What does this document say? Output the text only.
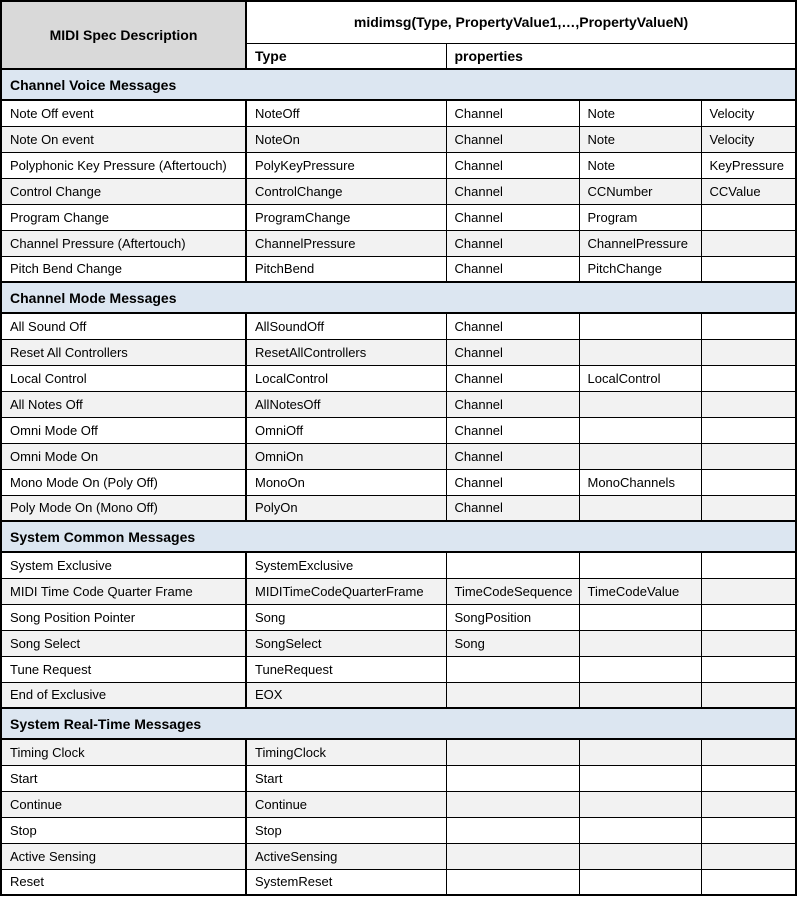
MIDI Spec Description	midimsg(Type, PropertyValue1,…,PropertyValueN)			
	Type	properties		
Channel Voice Messages				
Note Off event	NoteOff	Channel	Note	Velocity
Note On event	NoteOn	Channel	Note	Velocity
Polyphonic Key Pressure (Aftertouch)	PolyKeyPressure	Channel	Note	KeyPressure
Control Change	ControlChange	Channel	CCNumber	CCValue
Program Change	ProgramChange	Channel	Program	
Channel Pressure (Aftertouch)	ChannelPressure	Channel	ChannelPressure	
Pitch Bend Change	PitchBend	Channel	PitchChange	
Channel Mode Messages				
All Sound Off	AllSoundOff	Channel		
Reset All Controllers	ResetAllControllers	Channel		
Local Control	LocalControl	Channel	LocalControl	
All Notes Off	AllNotesOff	Channel		
Omni Mode Off	OmniOff	Channel		
Omni Mode On	OmniOn	Channel		
Mono Mode On (Poly Off)	MonoOn	Channel	MonoChannels	
Poly Mode On (Mono Off)	PolyOn	Channel		
System Common Messages				
System Exclusive	SystemExclusive			
MIDI Time Code Quarter Frame	MIDITimeCodeQuarterFrame	TimeCodeSequence	TimeCodeValue	
Song Position Pointer	Song	SongPosition		
Song Select	SongSelect	Song		
Tune Request	TuneRequest			
End of Exclusive	EOX			
System Real-Time Messages				
Timing Clock	TimingClock			
Start	Start			
Continue	Continue			
Stop	Stop			
Active Sensing	ActiveSensing			
Reset	SystemReset			
